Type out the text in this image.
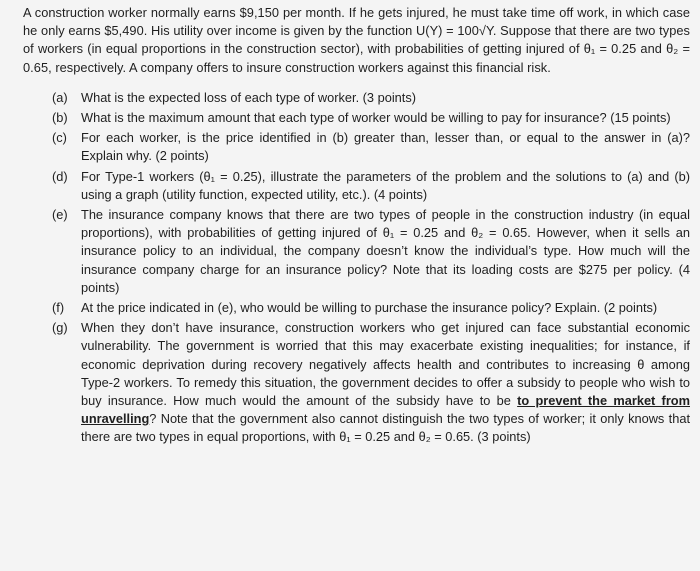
A construction worker normally earns $9,150 per month. If he gets injured, he must take time off work, in which case he only earns $5,490. His utility over income is given by the function U(Y) = 100√Y. Suppose that there are two types of workers (in equal proportions in the construction sector), with probabilities of getting injured of θ₁ = 0.25 and θ₂ = 0.65, respectively. A company offers to insure construction workers against this financial risk.

(a) What is the expected loss of each type of worker. (3 points)
(b) What is the maximum amount that each type of worker would be willing to pay for insurance? (15 points)
(c) For each worker, is the price identified in (b) greater than, lesser than, or equal to the answer in (a)? Explain why. (2 points)
(d) For Type-1 workers (θ₁ = 0.25), illustrate the parameters of the problem and the solutions to (a) and (b) using a graph (utility function, expected utility, etc.). (4 points)
(e) The insurance company knows that there are two types of people in the construction industry (in equal proportions), with probabilities of getting injured of θ₁ = 0.25 and θ₂ = 0.65. However, when it sells an insurance policy to an individual, the company doesn’t know the individual’s type. How much will the insurance company charge for an insurance policy? Note that its loading costs are $275 per policy. (4 points)
(f) At the price indicated in (e), who would be willing to purchase the insurance policy? Explain. (2 points)
(g) When they don’t have insurance, construction workers who get injured can face substantial economic vulnerability. The government is worried that this may exacerbate existing inequalities; for instance, if economic deprivation during recovery negatively affects health and contributes to increasing θ among Type-2 workers. To remedy this situation, the government decides to offer a subsidy to people who wish to buy insurance. How much would the amount of the subsidy have to be to prevent the market from unravelling? Note that the government also cannot distinguish the two types of worker; it only knows that there are two types in equal proportions, with θ₁ = 0.25 and θ₂ = 0.65. (3 points)
